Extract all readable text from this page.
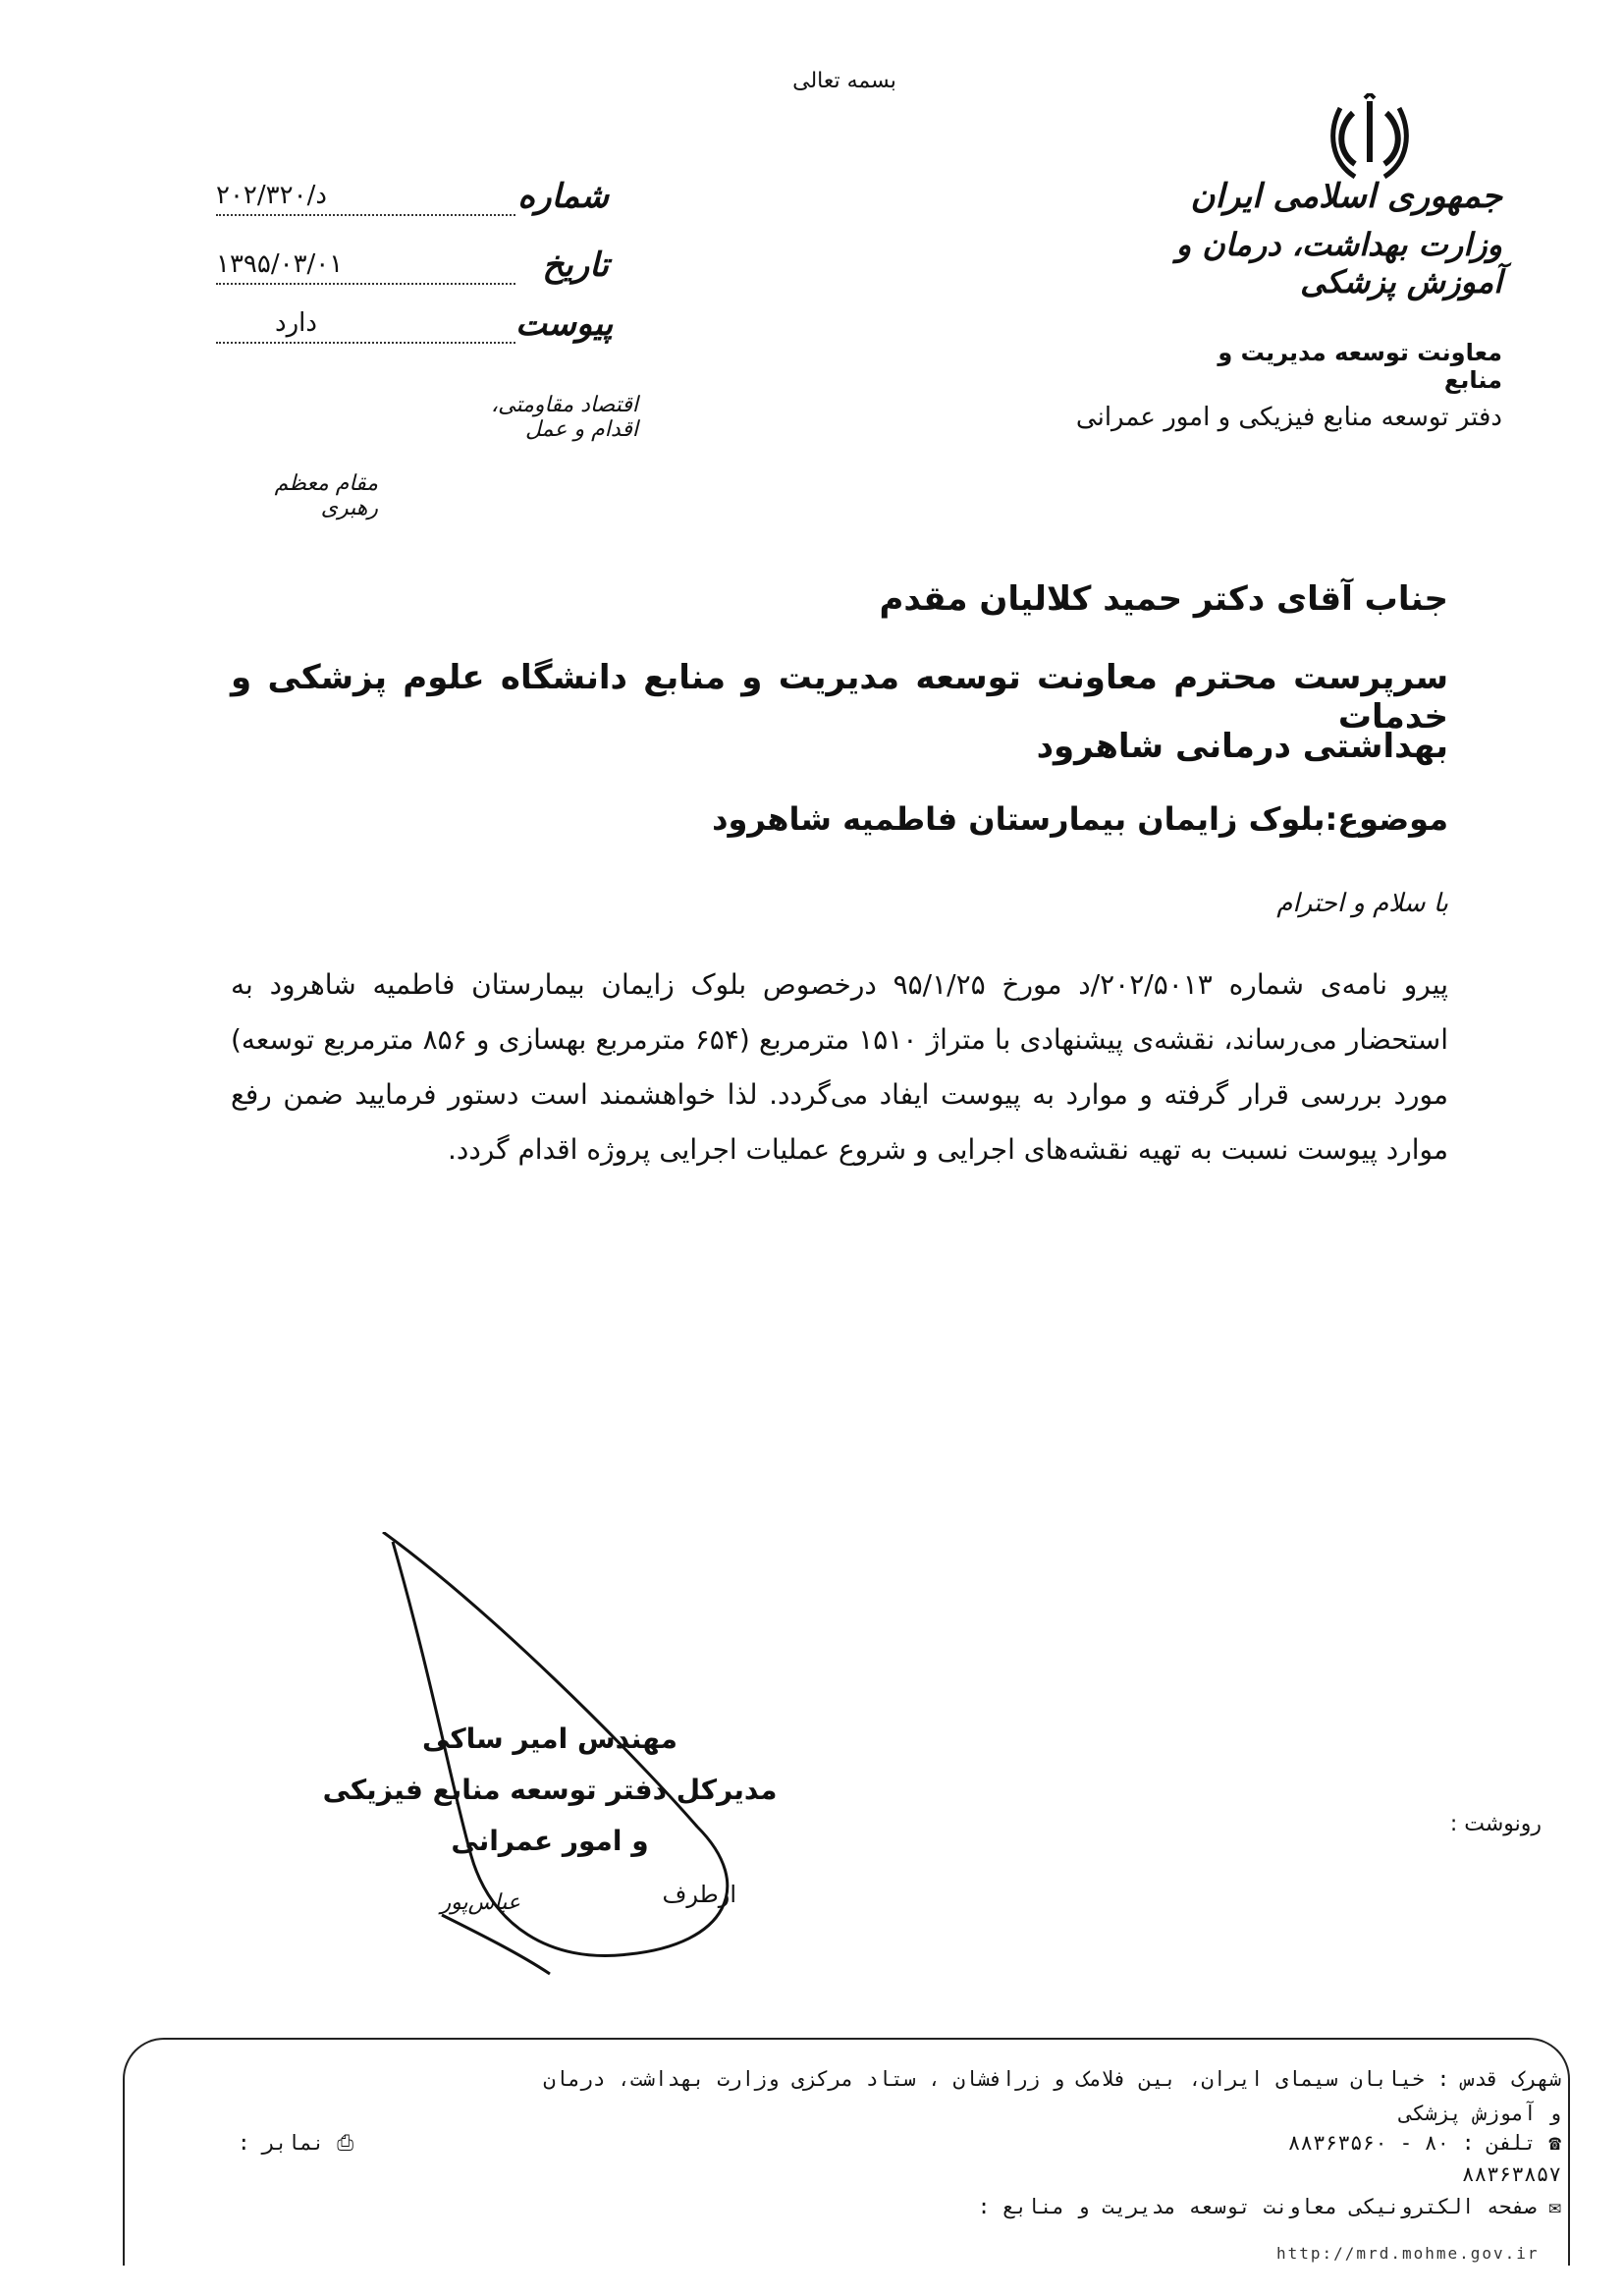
بسمه تعالی
جمهوری اسلامی ایران
وزارت بهداشت، درمان و آموزش پزشکی
معاونت توسعه مدیریت و منابع
دفتر توسعه منابع فیزیکی و امور عمرانی
شماره
د/۲۰۲/۳۲۰
تاریخ
۱۳۹۵/۰۳/۰۱
پیوست
دارد
اقتصاد مقاومتی، اقدام و عمل
مقام معظم رهبری
جناب آقای دکتر حمید کلالیان مقدم
سرپرست محترم معاونت توسعه مدیریت و منابع دانشگاه علوم پزشکی و خدمات
بهداشتی درمانی شاهرود
موضوع:بلوک زایمان بیمارستان فاطمیه شاهرود
با سلام و احترام
پیرو نامه‌ی شماره ۲۰۲/۵۰۱۳/د مورخ ۹۵/۱/۲۵ درخصوص بلوک زایمان بیمارستان فاطمیه شاهرود به استحضار می‌رساند، نقشه‌ی پیشنهادی با متراژ ۱۵۱۰ مترمربع (۶۵۴ مترمربع بهسازی و ۸۵۶ مترمربع توسعه) مورد بررسی قرار گرفته و موارد به پیوست ایفاد می‌گردد. لذا خواهشمند است دستور فرمایید ضمن رفع موارد پیوست نسبت به تهیه نقشه‌های اجرایی و شروع عملیات اجرایی پروژه اقدام گردد.
مهندس امیر ساکی
مدیرکل دفتر توسعه منابع فیزیکی
و امور عمرانی
ازطرف
عباس‌پور
رونوشت :
شهرک قدس : خیابان سیمای ایران، بین فلامک و زرافشان ، ستاد مرکزی وزارت بهداشت، درمان
و آموزش پزشکی
☎ تلفن : ۸۰ - ۸۸۳۶۳۵۶۰
⎙ نمابر :
۸۸۳۶۳۸۵۷
✉ صفحه الکترونیکی معاونت توسعه مدیریت و منابع :
http://mrd.mohme.gov.ir
